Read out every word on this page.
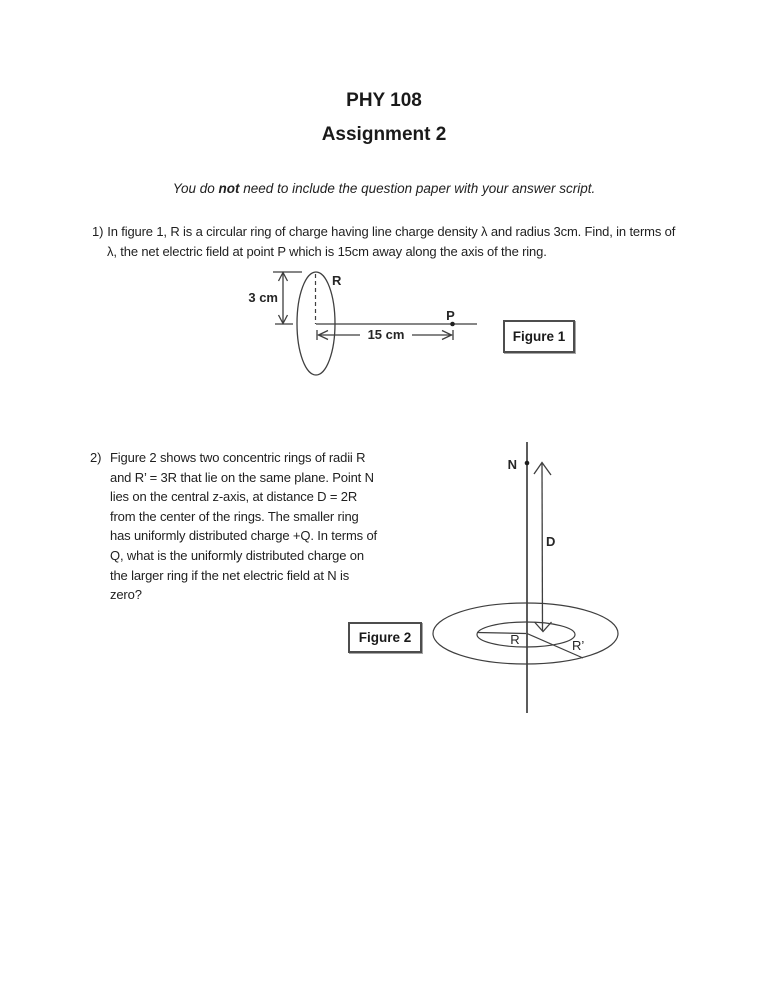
PHY 108
Assignment 2
You do not need to include the question paper with your answer script.
1) In figure 1, R is a circular ring of charge having line charge density λ and radius 3cm. Find, in terms of
λ, the net electric field at point P which is 15cm away along the axis of the ring.
3 cm
R
P
15 cm	Figure 1
2) Figure 2 shows two concentric rings of radii R
and R’ = 3R that lie on the same plane. Point N
lies on the central z-axis, at distance D = 2R
from the center of the rings. The smaller ring
has uniformly distributed charge +Q. In terms of
Q, what is the uniformly distributed charge on
the larger ring if the net electric field at N is
zero?
N
D
R	R’
Figure 2
